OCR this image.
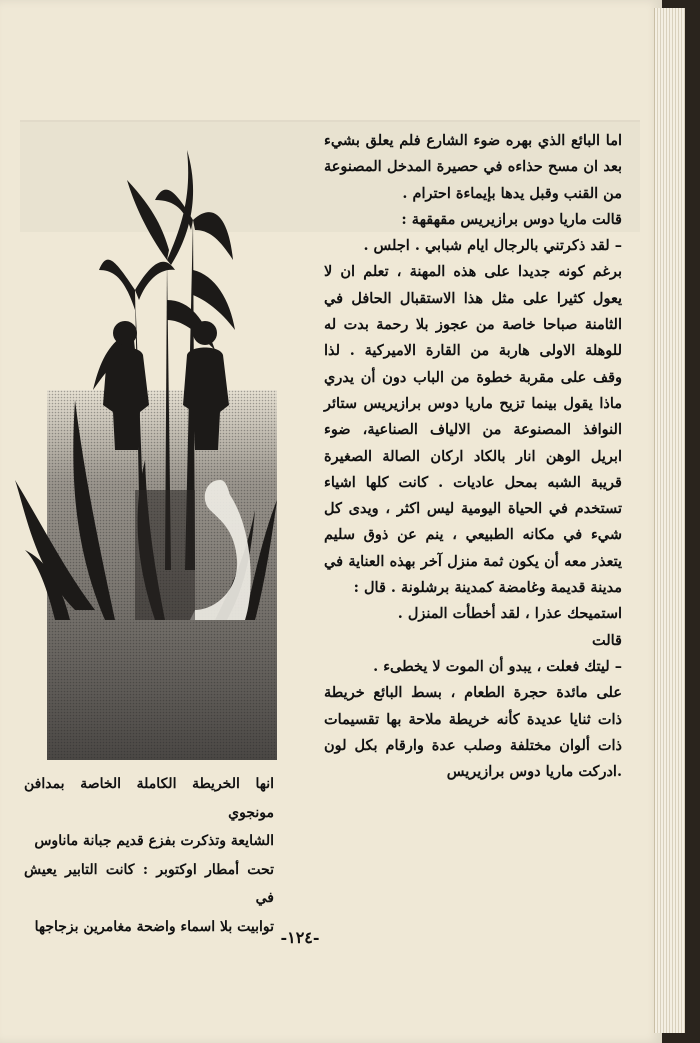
اما البائع الذي بهره ضوء الشارع فلم يعلق بشيء بعد ان مسح حذاءه في حصيرة المدخل المصنوعة من القنب وقبل يدها بإيماءة احترام .

قالت ماريا دوس برازيريس مقهقهة :

– لقد ذكرتني بالرجال ايام شبابي . اجلس .

برغم كونه جديدا على هذه المهنة ، تعلم ان لا يعول كثيرا على مثل هذا الاستقبال الحافل في الثامنة صباحا خاصة من عجوز بلا رحمة بدت له للوهلة الاولى هاربة من القارة الاميركية . لذا وقف على مقربة خطوة من الباب دون أن يدري ماذا يقول بينما تزيح ماريا دوس برازيريس ستائر النوافذ المصنوعة من الالياف الصناعية، ضوء ابريل الوهن انار بالكاد اركان الصالة الصغيرة قريبة الشبه بمحل عاديات . كانت كلها اشياء تستخدم في الحياة اليومية ليس اكثر ، ويدى كل شيء في مكانه الطبيعي ، ينم عن ذوق سليم يتعذر معه أن يكون ثمة منزل آخر بهذه العناية في مدينة قديمة وغامضة كمدينة برشلونة . قال :

استميحك عذرا ، لقد أخطأت المنزل .

قالت

– ليتك فعلت ، يبدو أن الموت لا يخطىء .

على مائدة حجرة الطعام ، بسط البائع خريطة ذات ثنايا عديدة كأنه خريطة ملاحة بها تقسيمات ذات ألوان مختلفة وصلب عدة وارقام بكل لون .ادركت ماريا دوس برازيريس

انها الخريطة الكاملة الخاصة بمدافن مونجوي

الشايعة وتذكرت بفزع قديم جبانة ماناوس

تحت أمطار اوكتوبر : كانت التابير يعيش في

توابيت بلا اسماء واضحة مغامرين بزجاجها

-١٢٤-
